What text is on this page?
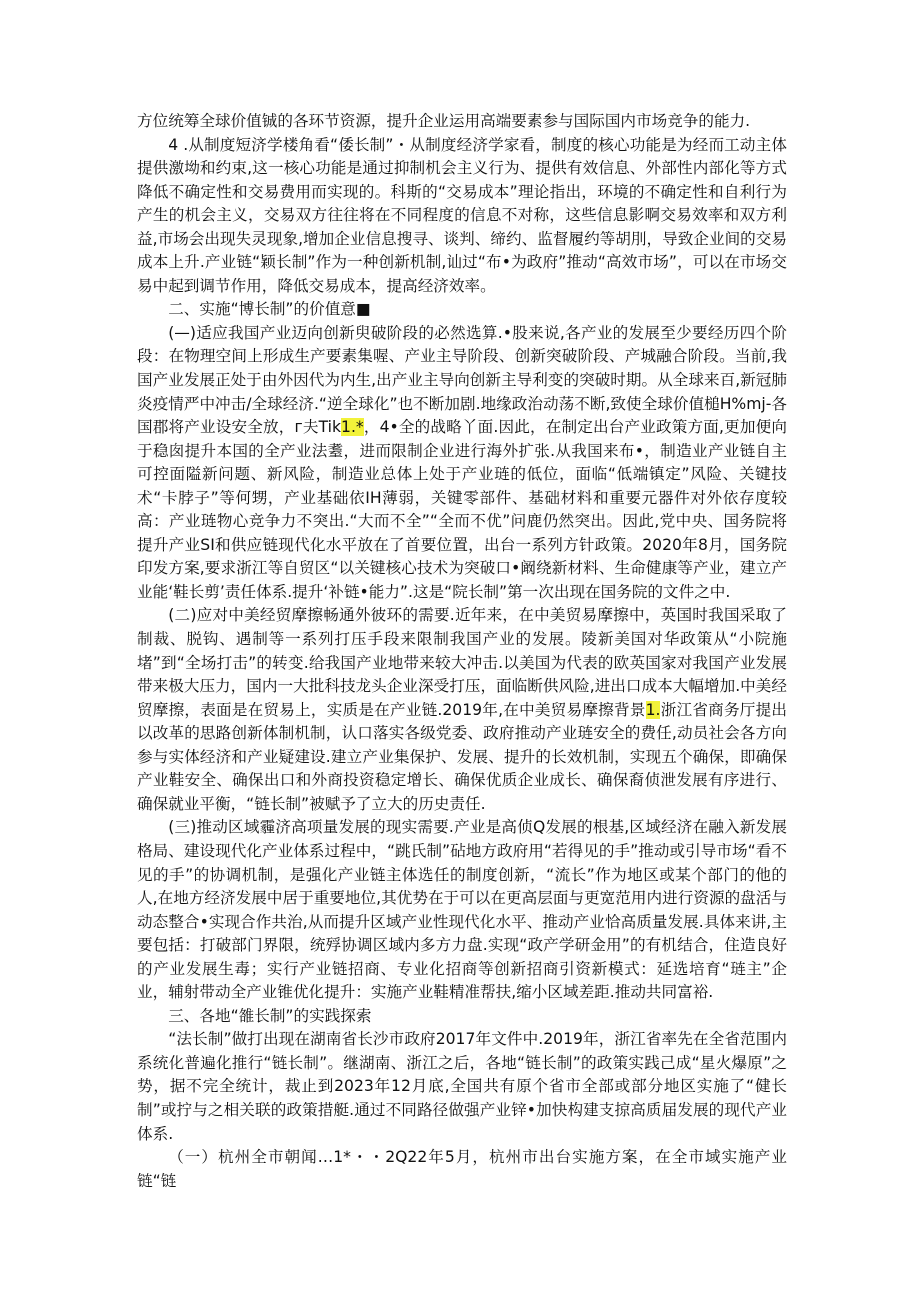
方位统筹全球价值铖的各环节资源，提升企业运用高端要素参与国际国内市场竞争的能力.

4 .从制度短济学楼角看“倭长制”・从制度经济学家看，制度的核心功能是为经而工动主体提供激坳和约束,这一核心功能是通过抑制机会主义行为、提供有效信息、外部性内部化等方式降低不确定性和交易费用而实现的。科斯的“交易成本”理论指出，环境的不确定性和自利行为产生的机会主义，交易双方往往将在不同程度的信息不对称，这些信息影啊交易效率和双方利益,市场会出现失灵现象,增加企业信息搜寻、谈判、缔约、监督履约等胡刖，导致企业间的交易成本上升.产业链“颖长制”作为一种创新机制,讪过“布•为政府”推动“高效市场”，可以在市场交易中起到调节作用，降低交易成本，提高经济效率。

二、实施“博长制”的价值意■

(—)适应我国产业迈向创新臾破阶段的必然选算.•股来说,各产业的发展至少要经历四个阶段：在物理空间上形成生产要素集喔、产业主导阶段、创新突破阶段、产城融合阶段。当前,我国产业发展正处于由外因代为内生,出产业主导向创新主导利变的突破时期。从全球来百,新冠肺炎疫情严中冲击/全球经济.“逆全球化”也不断加剧.地缘政治动荡不断,致使全球价值槌H%mj-各国郡将产业设安全放，г夫Tik1.*，4•全的战略丫面.因此，在制定出台产业政策方面,更加便向于稳囱提升本国的全产业法耋，进而限制企业进行海外扩张.从我国来布•，制造业产业链自主可控面隘新问题、新风险，制造业总体上处于产业琏的低位，面临“低端镇定”风险、关键技术“卡脖子”等何甥，产业基础依IH薄弱，关键零部件、基础材料和重要元器件对外依存度较高：产业琏物心竞争力不突出.“大而不全”“全而不优”问鹿仍然突出。因此,党中央、国务院将提升产业SI和供应链现代化水平放在了首要位置，出台一系列方针政策。2020年8月，国务院印发方案,要求浙江等自贸区“以关键核心技术为突破口•阚绕新材料、生命健康等产业，建立产业能‘鞋长剪’责任体系.提升‘补链•能力”.这是“院长制”第一次出现在国务院的文件之中.

(二)应对中美经贸摩擦畅通外彼环的需要.近年来，在中美贸易摩擦中，英国时我国采取了制裁、脱钩、遇制等一系列打压手段来限制我国产业的发展。陵新美国对华政策从“小院施堵”到“全场打击”的转变.给我国产业地带来较大冲击.以美国为代表的欧英国家对我国产业发展带来极大压力，国内一大批科技龙头企业深受打压，面临断供风险,进出口成本大幅增加.中美经贸摩擦，表面是在贸易上，实质是在产业链.2019年,在中美贸易摩擦背景1.浙江省商务厅提出以改革的思路创新体制机制，认口落实各级党委、政府推动产业琏安全的费任,动员社会各方向参与实体经济和产业疑建设.建立产业集保护、发展、提升的长效机制，实现五个确保，即确保产业鞋安全、确保出口和外商投资稳定增长、确保优质企业成长、确保裔侦泄发展有序进行、确保就业平衡，“链长制”被赋予了立大的历史责任.

(三)推动区域霾济高项量发展的现实需要.产业是高侦Q发展的根基,区域经济在融入新发展格局、建设现代化产业体系过程中，“跳氏制”砧地方政府用“若得见的手”推动或引导市场“看不见的手”的协调机制，是强化产业链主体选任的制度创新，“流长”作为地区或某个部门的他的人,在地方经济发展中居于重要地位,其优势在于可以在更高层面与更宽范用内进行资源的盘活与动态整合•实现合作共治,从而提升区域产业性现代化水平、推动产业恰高质量发展.具体来讲,主要包括：打破部门界限，统殍协调区域内多方力盘.实现“政产学研金用”的有机结合，住造良好的产业发展生毒；实行产业链招商、专业化招商等创新招商引资新模式：延选培育“琏主”企业，辅射带动全产业锥优化提升：实施产业鞋精准帮扶,缩小区域差距.推动共同富裕.

三、各地“雒长制”的实践探索

“法长制”做打出现在湖南省长沙市政府2017年文件中.2019年，浙江省率先在全省范围内系统化普遍化推行“链长制”。继湖南、浙江之后，各地“链长制”的政策实践己成“星火爆原”之势，据不完全统计，裁止到2023年12月底,全国共有原个省市全部或部分地区实施了“健长制”或拧与之相关联的政策措艇.通过不同路径做强产业锌•加快构建支掠高质届发展的现代产业体系.

（一）杭州全市朝闻…1*・・2Q22年5月，杭州市出台实施方案，在全市域实施产业链“链
